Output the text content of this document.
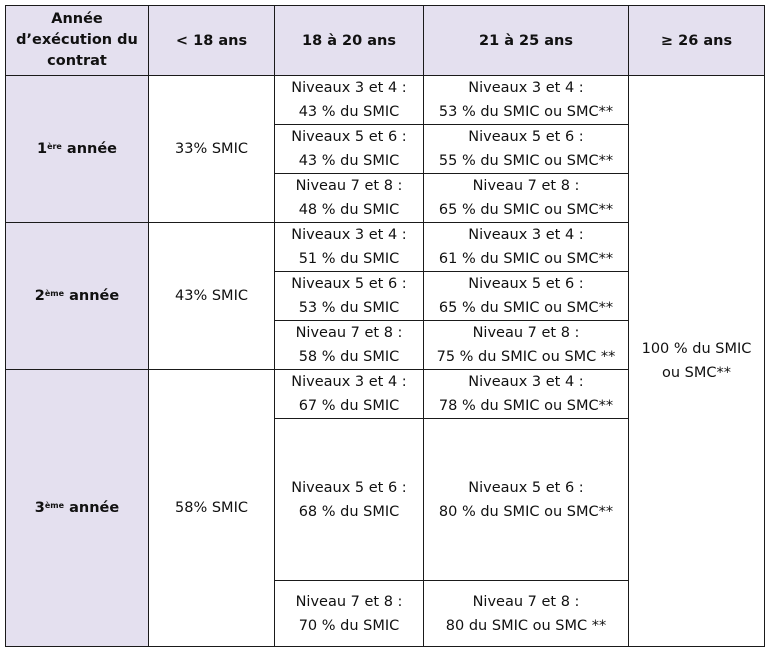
Année
d’exécution du
contrat	< 18 ans	18 à 20 ans	21 à 25 ans	≥ 26 ans
1ère année	33% SMIC	Niveaux 3 et 4 :
43 % du SMIC	Niveaux 3 et 4 :
53 % du SMIC ou SMC**	100 % du SMIC
ou SMC**

		Niveaux 5 et 6 :
43 % du SMIC	Niveaux 5 et 6 :
55 % du SMIC ou SMC**	

		Niveau 7 et 8 :
48 % du SMIC	Niveau 7 et 8 :
65 % du SMIC ou SMC**	

2ème année	43% SMIC	Niveaux 3 et 4 :
51 % du SMIC	Niveaux 3 et 4 :
61 % du SMIC ou SMC**	

		Niveaux 5 et 6 :
53 % du SMIC	Niveaux 5 et 6 :
65 % du SMIC ou SMC**	

		Niveau 7 et 8 :
58 % du SMIC	Niveau 7 et 8 :
75 % du SMIC ou SMC **	

3ème année	58% SMIC	Niveaux 3 et 4 :
67 % du SMIC	Niveaux 3 et 4 :
78 % du SMIC ou SMC**	

		Niveaux 5 et 6 :
68 % du SMIC	Niveaux 5 et 6 :
80 % du SMIC ou SMC**	

		Niveau 7 et 8 :
70 % du SMIC	Niveau 7 et 8 :
80 du SMIC ou SMC **	
